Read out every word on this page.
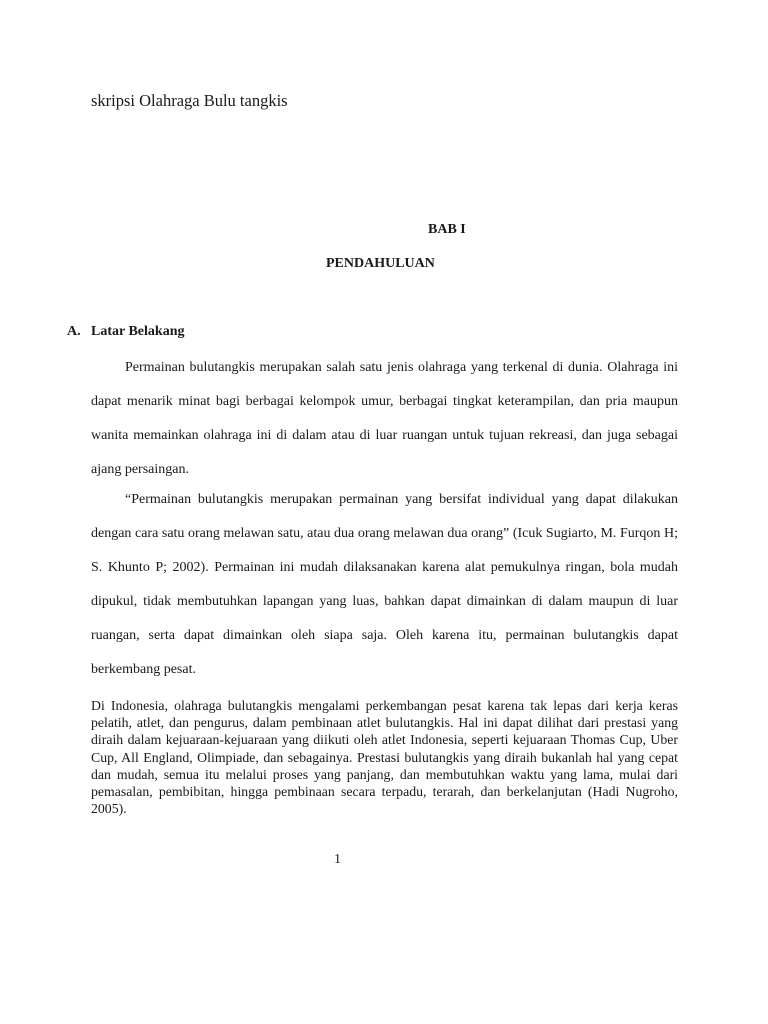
skripsi Olahraga Bulu tangkis
BAB I
PENDAHULUAN
A. Latar Belakang

Permainan bulutangkis merupakan salah satu jenis olahraga yang terkenal di dunia. Olahraga ini dapat menarik minat bagi berbagai kelompok umur, berbagai tingkat keterampilan, dan pria maupun wanita memainkan olahraga ini di dalam atau di luar ruangan untuk tujuan rekreasi, dan juga sebagai ajang persaingan.

“Permainan bulutangkis merupakan permainan yang bersifat individual yang dapat dilakukan dengan cara satu orang melawan satu, atau dua orang melawan dua orang” (Icuk Sugiarto, M. Furqon H; S. Khunto P; 2002). Permainan ini mudah dilaksanakan karena alat pemukulnya ringan, bola mudah dipukul, tidak membutuhkan lapangan yang luas, bahkan dapat dimainkan di dalam maupun di luar ruangan, serta dapat dimainkan oleh siapa saja. Oleh karena itu, permainan bulutangkis dapat berkembang pesat.

Di Indonesia, olahraga bulutangkis mengalami perkembangan pesat karena tak lepas dari kerja keras pelatih, atlet, dan pengurus, dalam pembinaan atlet bulutangkis. Hal ini dapat dilihat dari prestasi yang diraih dalam kejuaraan-kejuaraan yang diikuti oleh atlet Indonesia, seperti kejuaraan Thomas Cup, Uber Cup, All England, Olimpiade, dan sebagainya. Prestasi bulutangkis yang diraih bukanlah hal yang cepat dan mudah, semua itu melalui proses yang panjang, dan membutuhkan waktu yang lama, mulai dari pemasalan, pembibitan, hingga pembinaan secara terpadu, terarah, dan berkelanjutan (Hadi Nugroho, 2005).

1
